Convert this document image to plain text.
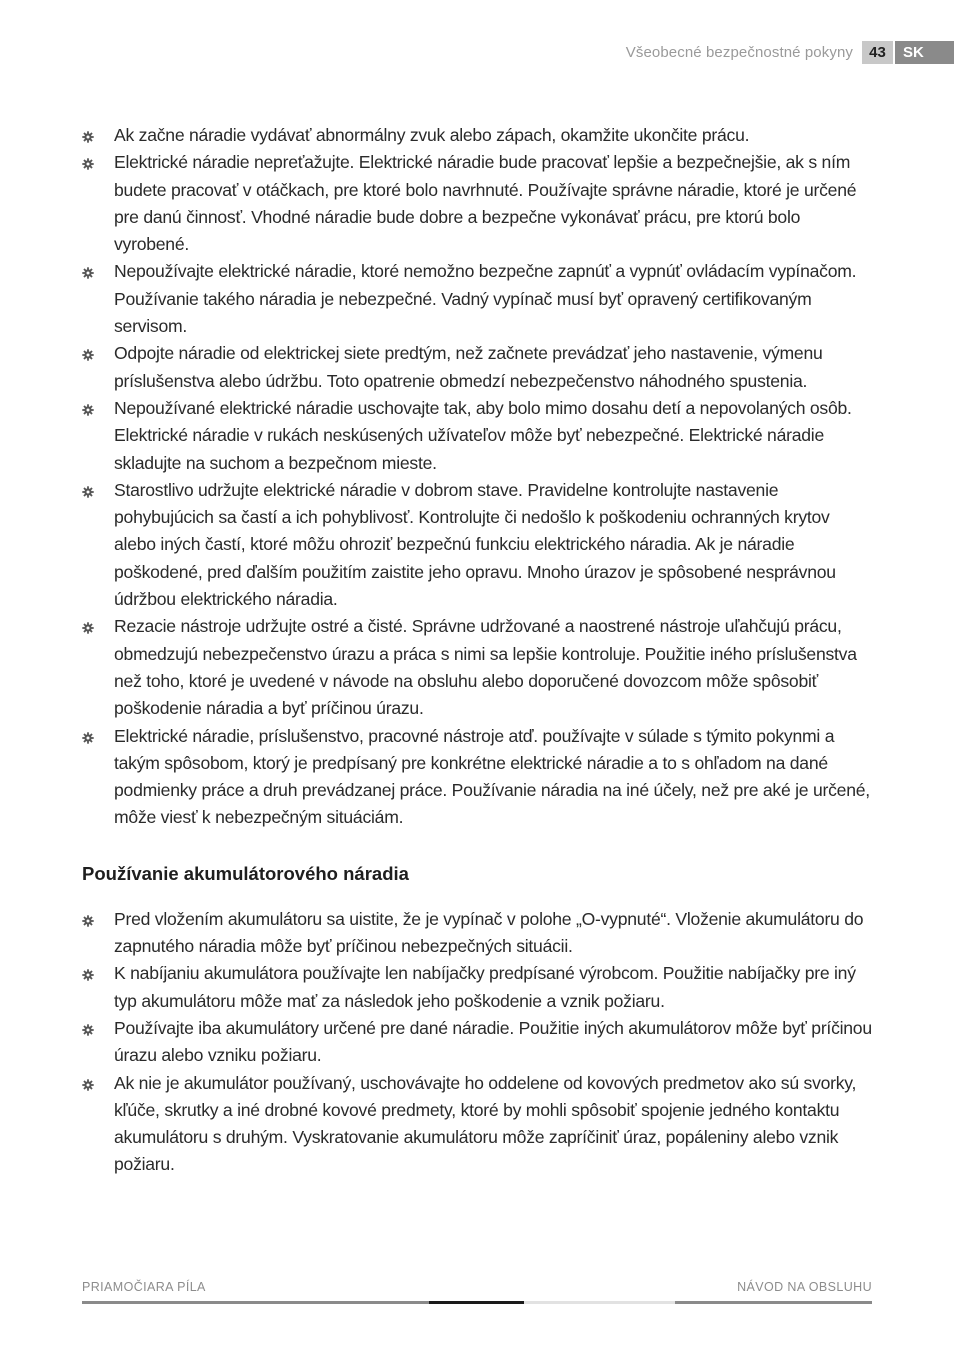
Všeobecné bezpečnostné pokyny	43	SK
Ak začne náradie vydávať abnormálny zvuk alebo zápach, okamžite ukončite prácu.
Elektrické náradie nepreťažujte. Elektrické náradie bude pracovať lepšie a bezpečnejšie, ak s ním budete pracovať v otáčkach, pre ktoré bolo navrhnuté. Používajte správne náradie, ktoré je určené pre danú činnosť. Vhodné náradie bude dobre a bezpečne vykonávať prácu, pre ktorú bolo vyrobené.
Nepoužívajte elektrické náradie, ktoré nemožno bezpečne zapnúť a vypnúť ovládacím vypínačom. Používanie takého náradia je nebezpečné. Vadný vypínač musí byť opravený certifikovaným servisom.
Odpojte náradie od elektrickej siete predtým, než začnete prevádzať jeho nastavenie, výmenu príslušenstva alebo údržbu. Toto opatrenie obmedzí nebezpečenstvo náhodného spustenia.
Nepoužívané elektrické náradie uschovajte tak, aby bolo mimo dosahu detí a nepovolaných osôb. Elektrické náradie v rukách neskúsených užívateľov môže byť nebezpečné. Elektrické náradie skladujte na suchom a bezpečnom mieste.
Starostlivo udržujte elektrické náradie v dobrom stave. Pravidelne kontrolujte nastavenie pohybujúcich sa častí a ich pohyblivosť. Kontrolujte či nedošlo k poškodeniu ochranných krytov alebo iných častí, ktoré môžu ohroziť bezpečnú funkciu elektrického náradia. Ak je náradie poškodené, pred ďalším použitím zaistite jeho opravu. Mnoho úrazov je spôsobené nesprávnou údržbou elektrického náradia.
Rezacie nástroje udržujte ostré a čisté. Správne udržované a naostrené nástroje uľahčujú prácu, obmedzujú nebezpečenstvo úrazu a práca s nimi sa lepšie kontroluje. Použitie iného príslušenstva než toho, ktoré je uvedené v návode na obsluhu alebo doporučené dovozcom môže spôsobiť poškodenie náradia a byť príčinou úrazu.
Elektrické náradie, príslušenstvo, pracovné nástroje atď. používajte v súlade s týmito pokynmi a takým spôsobom, ktorý je predpísaný pre konkrétne elektrické náradie a to s ohľadom na dané podmienky práce a druh prevádzanej práce. Používanie náradia na iné účely, než pre aké je určené, môže viesť k nebezpečným situáciám.
Používanie akumulátorového náradia
Pred vložením akumulátoru sa uistite, že je vypínač v polohe „O-vypnuté“. Vloženie akumulátoru do zapnutého náradia môže byť príčinou nebezpečných situácii.
K nabíjaniu akumulátora používajte len nabíjačky predpísané výrobcom. Použitie nabíjačky pre iný typ akumulátoru môže mať za následok jeho poškodenie a vznik požiaru.
Používajte iba akumulátory určené pre dané náradie. Použitie iných akumulátorov môže byť príčinou úrazu alebo vzniku požiaru.
Ak nie je akumulátor používaný, uschovávajte ho oddelene od kovových predmetov ako sú svorky, kľúče, skrutky a iné drobné kovové predmety, ktoré by mohli spôsobiť spojenie jedného kontaktu akumulátoru s druhým. Vyskratovanie akumulátoru môže zapríčiniť úraz, popáleniny alebo vznik požiaru.
PRIAMOČIARA PÍLA	NÁVOD NA OBSLUHU
